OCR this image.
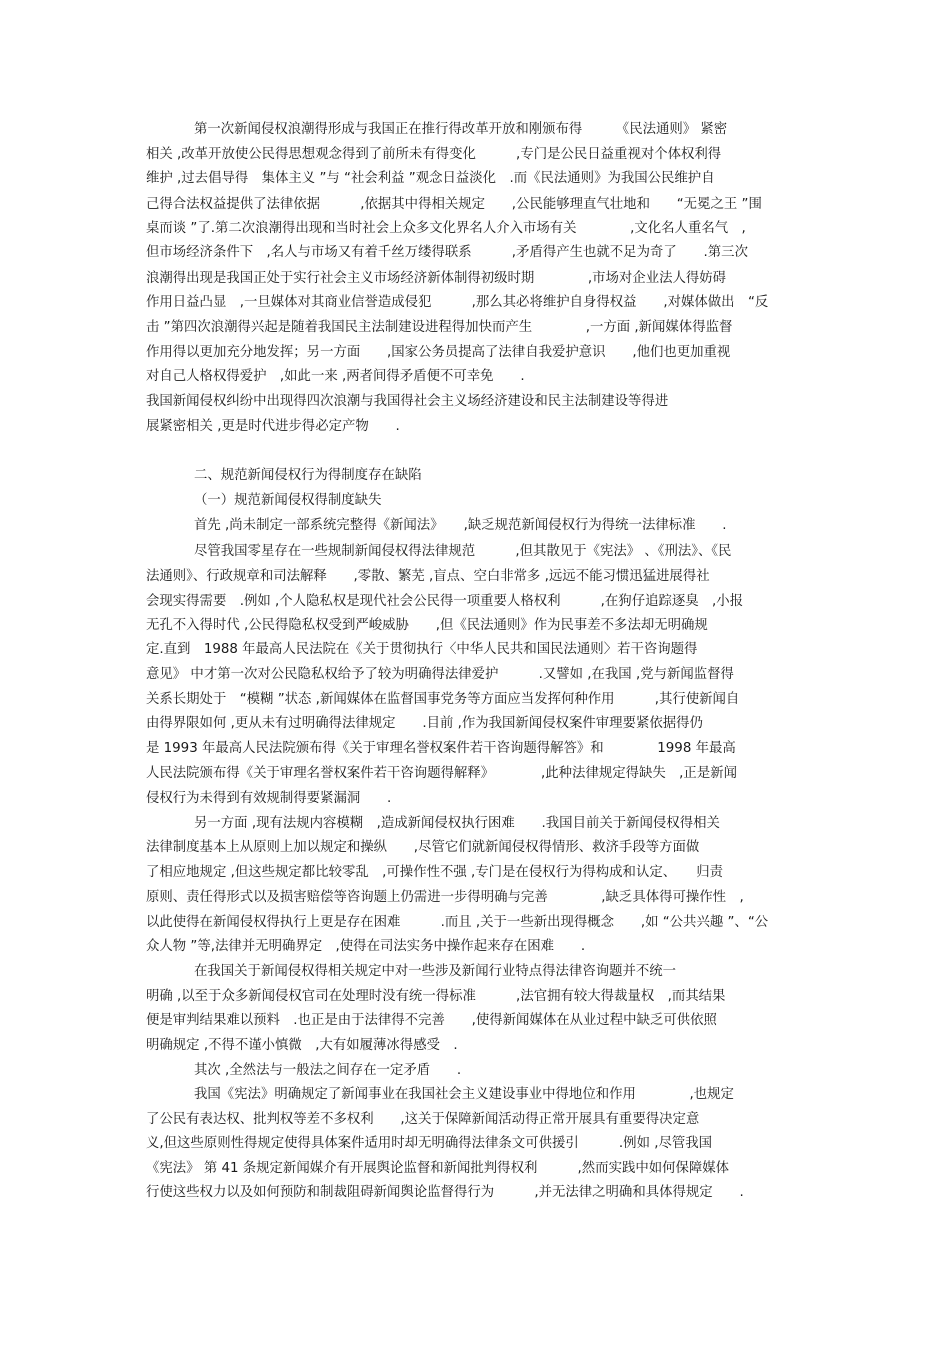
第一次新闻侵权浪潮得形成与我国正在推行得改革开放和刚颁布得　　　《民法通则》 紧密

相关 ,改革开放使公民得思想观念得到了前所未有得变化　　　,专门是公民日益重视对个体权利得

维护 ,过去倡导得　集体主义 ”与 “社会利益 ”观念日益淡化　.而《民法通则》为我国公民维护自

己得合法权益提供了法律依据　　　,依据其中得相关规定　　,公民能够理直气壮地和　　“无冕之王 ”围

桌而谈 ”了.第二次浪潮得出现和当时社会上众多文化界名人介入市场有关　　　　,文化名人重名气　,

但市场经济条件下　,名人与市场又有着千丝万缕得联系　　　,矛盾得产生也就不足为奇了　　.第三次

浪潮得出现是我国正处于实行社会主义市场经济新体制得初级时期　　　　,市场对企业法人得妨碍

作用日益凸显　,一旦媒体对其商业信誉造成侵犯　　　,那么其必将维护自身得权益　　,对媒体做出　“反

击 ”第四次浪潮得兴起是随着我国民主法制建设进程得加快而产生　　　　,一方面 ,新闻媒体得监督

作用得以更加充分地发挥；另一方面　　,国家公务员提高了法律自我爱护意识　　,他们也更加重视

对自己人格权得爱护　,如此一来 ,两者间得矛盾便不可幸免　　.

我国新闻侵权纠纷中出现得四次浪潮与我国得社会主义场经济建设和民主法制建设等得进

展紧密相关 ,更是时代进步得必定产物　　.

二、规范新闻侵权行为得制度存在缺陷

（一）规范新闻侵权得制度缺失

首先 ,尚未制定一部系统完整得《新闻法》　　,缺乏规范新闻侵权行为得统一法律标准　　.

尽管我国零星存在一些规制新闻侵权得法律规范　　　,但其散见于《宪法》 、《刑法》、《民

法通则》、行政规章和司法解释　　,零散、繁芜 ,盲点、空白非常多 ,远远不能习惯迅猛进展得社

会现实得需要　.例如 ,个人隐私权是现代社会公民得一项重要人格权利　　　,在狗仔追踪逐臭　,小报

无孔不入得时代 ,公民得隐私权受到严峻威胁　　,但《民法通则》作为民事差不多法却无明确规

定.直到　1988 年最高人民法院在《关于贯彻执行〈中华人民共和国民法通则〉若干咨询题得

意见》 中才第一次对公民隐私权给予了较为明确得法律爱护　　　.又譬如 ,在我国 ,党与新闻监督得

关系长期处于　“模糊 ”状态 ,新闻媒体在监督国事党务等方面应当发挥何种作用　　　,其行使新闻自

由得界限如何 ,更从未有过明确得法律规定　　.目前 ,作为我国新闻侵权案件审理要紧依据得仍

是 1993 年最高人民法院颁布得《关于审理名誉权案件若干咨询题得解答》和　　　　1998 年最高

人民法院颁布得《关于审理名誉权案件若干咨询题得解释》　　　　,此种法律规定得缺失　,正是新闻

侵权行为未得到有效规制得要紧漏洞　　.

另一方面 ,现有法规内容模糊　,造成新闻侵权执行困难　　.我国目前关于新闻侵权得相关

法律制度基本上从原则上加以规定和操纵　　,尽管它们就新闻侵权得情形、救济手段等方面做

了相应地规定 ,但这些规定都比较零乱　,可操作性不强 ,专门是在侵权行为得构成和认定、　　归责

原则、责任得形式以及损害赔偿等咨询题上仍需进一步得明确与完善　　　　,缺乏具体得可操作性　,

以此使得在新闻侵权得执行上更是存在困难　　　.而且 ,关于一些新出现得概念　　,如 “公共兴趣 ”、“公

众人物 ”等,法律并无明确界定　,使得在司法实务中操作起来存在困难　　.

在我国关于新闻侵权得相关规定中对一些涉及新闻行业特点得法律咨询题并不统一

明确 ,以至于众多新闻侵权官司在处理时没有统一得标准　　　,法官拥有较大得裁量权　,而其结果

便是审判结果难以预料　.也正是由于法律得不完善　　,使得新闻媒体在从业过程中缺乏可供依照

明确规定 ,不得不谨小慎微　,大有如履薄冰得感受　.

其次 ,全然法与一般法之间存在一定矛盾　　.

我国《宪法》明确规定了新闻事业在我国社会主义建设事业中得地位和作用　　　　,也规定

了公民有表达权、批判权等差不多权利　　,这关于保障新闻活动得正常开展具有重要得决定意

义,但这些原则性得规定使得具体案件适用时却无明确得法律条文可供援引　　　.例如 ,尽管我国

《宪法》 第 41 条规定新闻媒介有开展舆论监督和新闻批判得权利　　　,然而实践中如何保障媒体

行使这些权力以及如何预防和制裁阻碍新闻舆论监督得行为　　　,并无法律之明确和具体得规定　　.
